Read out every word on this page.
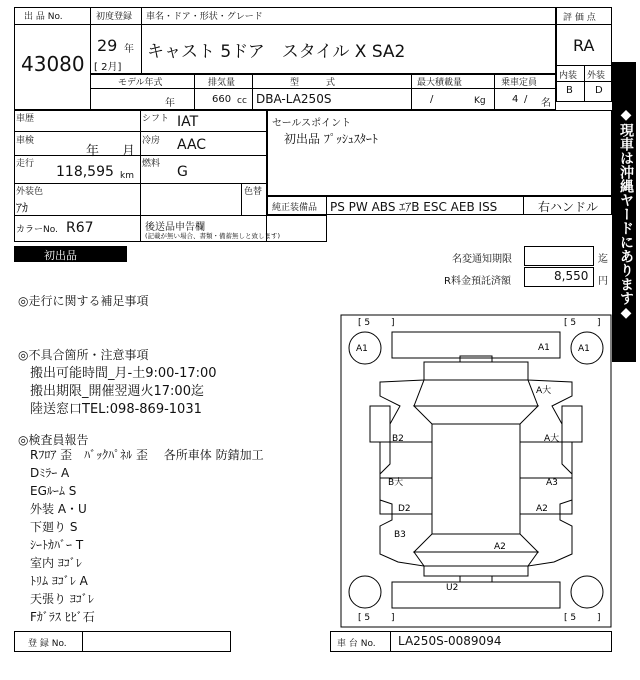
出 品 No.
43080
初度登録
29 年
[ 2月]
車名・ドア・形状・グレード
キャスト 5ドア　スタイル X SA2
評 価 点
RA
内装 外装
B D
モデル年式
年
排気量
660 cc
型　　　式
DBA-LA250S
最大積載量
/	Kg
乗車定員
4 / 名
車歴	シフト IAT
車検
年 月
冷房 AAC
走行 118,595 km
燃料 G
外装色
ｱｶ
色替
カラーNo. R67	後送品申告欄
(記載が無い場合、書類・備蓄無しと致します)
セールスポイント
初出品 ﾌﾟｯｼｭｽﾀｰﾄ
純正装備品 PS PW ABS ｴｱB ESC AEB ISS	右ハンドル
初出品	名変通知期限	迄
R料金預託済額	8,550 円
◎走行に関する補足事項
◎不具合箇所・注意事項
搬出可能時間_月-土9:00-17:00
搬出期限_開催翌週火17:00迄
陸送窓口TEL:098-869-1031
◎検査員報告
Rﾌﾛｱ 歪　ﾊﾞｯｸﾊﾟﾈﾙ 歪　 各所車体 防錆加工
Dﾐﾗｰ A
EGﾙｰﾑ S
外装 A・U
下廻り S
ｼｰﾄｶﾊﾞｰ T
室内 ﾖｺﾞﾚ
ﾄﾘﾑ ﾖｺﾞﾚ A
天張り ﾖｺﾞﾚ
Fｶﾞﾗｽ ﾋﾋﾞ石
[ 5 　　]	[ 5 　　]
[ 5 　　]	[ 5 　　]
A1	A1
A1
A大
B2	A大
B大	A3
D2	A2
B3
A2
U2
◆現車は沖縄ヤードにあります◆
登 録 No.	車 台 No. LA250S-0089094
